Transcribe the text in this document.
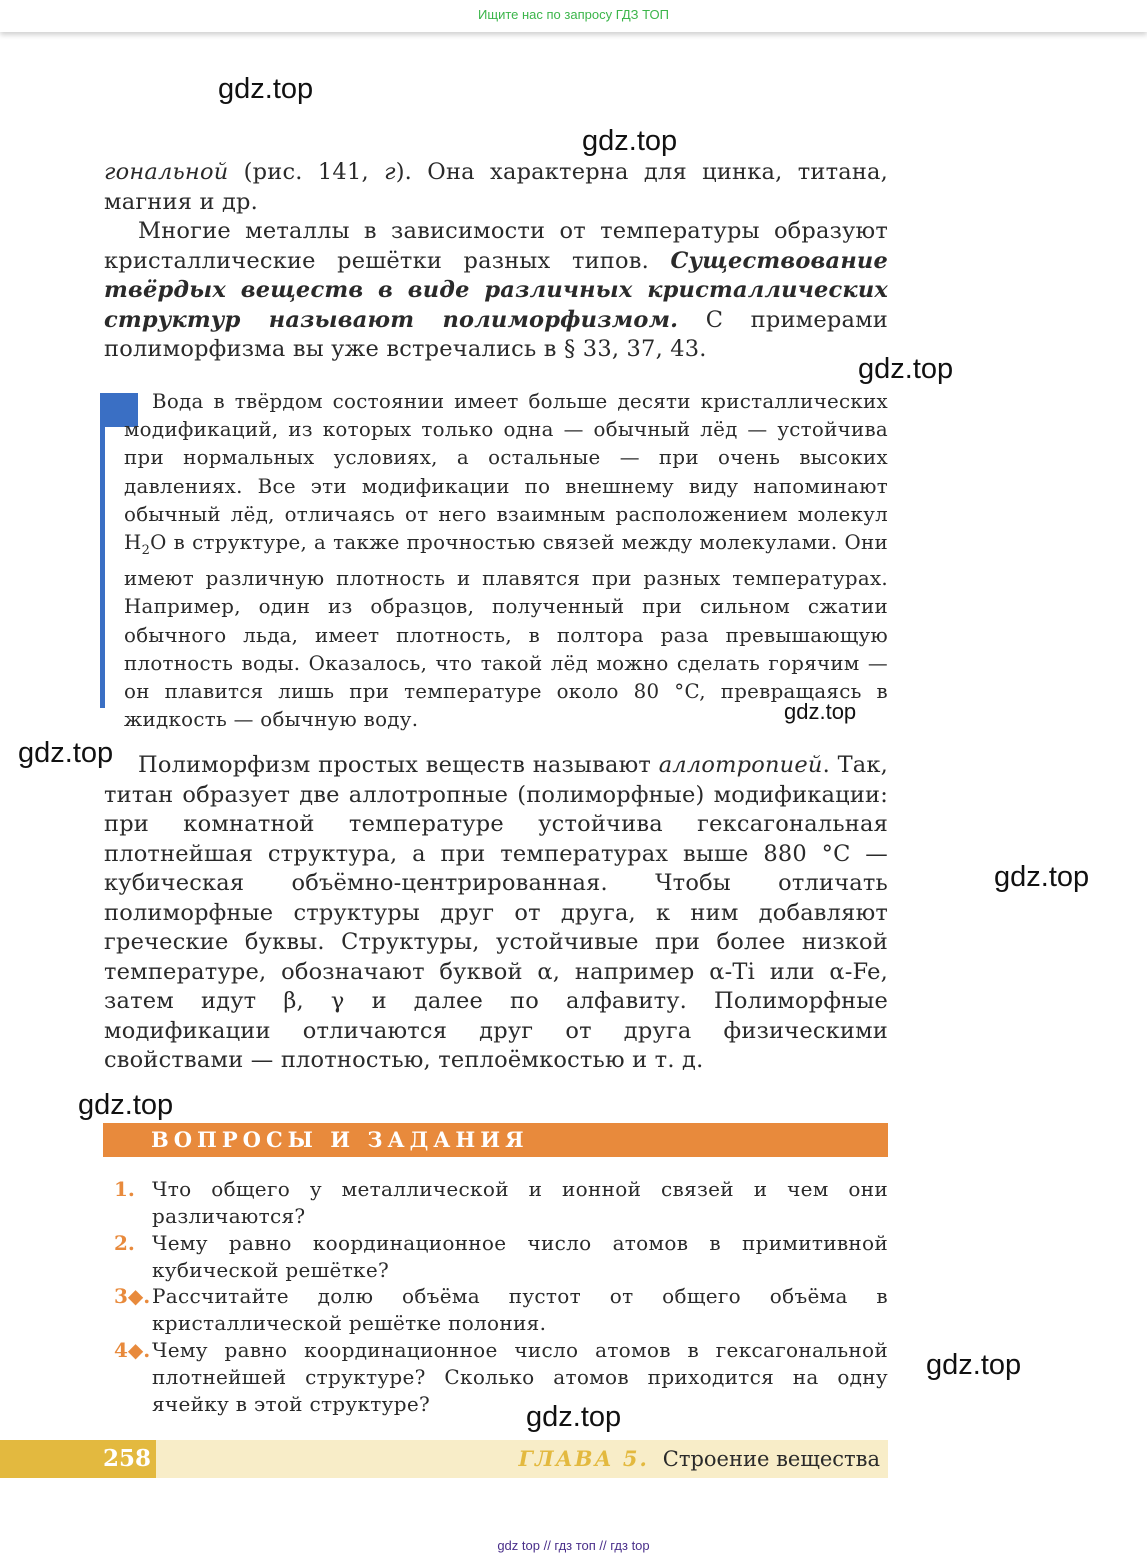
Ищите нас по запросу ГДЗ ТОП
gdz.top
gdz.top
gdz.top
gdz.top
gdz.top
gdz.top
gdz.top
gdz.top
gdz.top
гональной (рис. 141, г). Она характерна для цинка, титана, магния и др.
Многие металлы в зависимости от температуры образуют кристаллические решётки разных типов. Существование твёрдых веществ в виде различных кристаллических структур называют полиморфизмом. С примерами полиморфизма вы уже встречались в § 33, 37, 43.
Вода в твёрдом состоянии имеет больше десяти кристаллических модификаций, из которых только одна — обычный лёд — устойчива при нормальных условиях, а остальные — при очень высоких давлениях. Все эти модификации по внешнему виду напоминают обычный лёд, отличаясь от него взаимным расположением молекул $H_2O$ в структуре, а также прочностью связей между молекулами. Они имеют различную плотность и плавятся при разных температурах. Например, один из образцов, полученный при сильном сжатии обычного льда, имеет плотность, в полтора раза превышающую плотность воды. Оказалось, что такой лёд можно сделать горячим — он плавится лишь при температуре около 80 °C, превращаясь в жидкость — обычную воду.
Полиморфизм простых веществ называют аллотропией. Так, титан образует две аллотропные (полиморфные) модификации: при комнатной температуре устойчива гексагональная плотнейшая структура, а при температурах выше 880 °C — кубическая объёмно-центрированная. Чтобы отличать полиморфные структуры друг от друга, к ним добавляют греческие буквы. Структуры, устойчивые при более низкой температуре, обозначают буквой α, например α-Ti или α-Fe, затем идут β, γ и далее по алфавиту. Полиморфные модификации отличаются друг от друга физическими свойствами — плотностью, теплоёмкостью и т. д.
ВОПРОСЫ И ЗАДАНИЯ
1. Что общего у металлической и ионной связей и чем они различаются?
2. Чему равно координационное число атомов в примитивной кубической решётке?
3◆. Рассчитайте долю объёма пустот от общего объёма в кристаллической решётке полония.
4◆. Чему равно координационное число атомов в гексагональной плотнейшей структуре? Сколько атомов приходится на одну ячейку в этой структуре?
258	ГЛАВА 5. Строение вещества
gdz top // гдз топ // гдз top
